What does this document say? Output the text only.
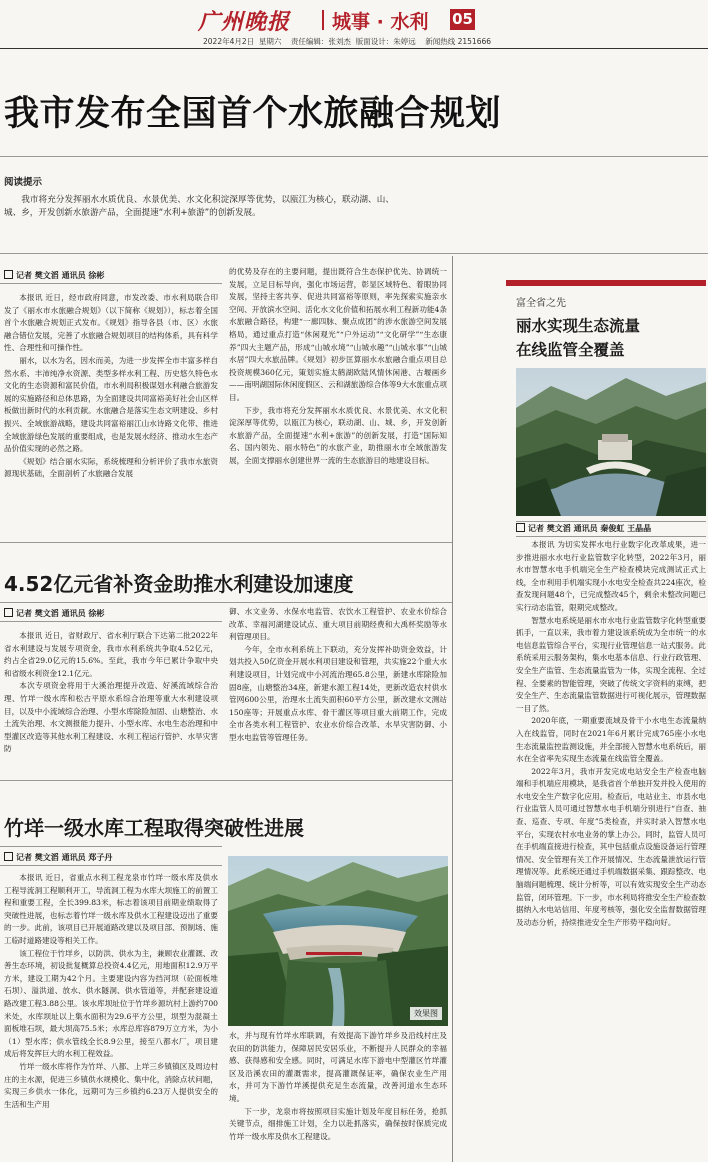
广州晚报 城事 · 水利 05
2022年4月2日  星期六    责任编辑：张刘杰  版面设计：朱婷远    新闻热线 2151666
我市发布全国首个水旅融合规划
阅读提示

我市将充分发挥丽水水质优良、水景优美、水文化积淀深厚等优势，以瓯江为核心，联动湖、山、城、乡，开发创新水旅游产品，全面提速“水利+旅游”的创新发展。

记者 樊文滔 通讯员 徐彬

本报讯 近日，经市政府同意，市发改委、市水利局联合印发了《丽水市水旅融合规划》（以下简称《规划》），标志着全国首个水旅融合规划正式发布。《规划》指导各县（市、区）水旅融合错位发展，完善了水旅融合规划项目的结构体系，具有科学性、合理性和可操作性。

丽水，以水为名，因水而美，为进一步发挥全市丰富多样自然水系、丰沛纯净水资源、类型多样水利工程、历史悠久特色水文化的生态资源和富民价值，市水利局积极谋划水利融合旅游发展的实施路径和总体思路，为全面建设共同富裕美好社会山区样板做出新时代的水利贡献。水旅融合是落实生态文明建设、乡村振兴、全域旅游战略，建设共同富裕丽江山水诗路文化带、推进全域旅游绿色发展的重要组成，也是发展水经济、推动水生态产品价值实现的必然之路。

《规划》结合丽水实际，系统梳理和分析评价了我市水旅资源现状基础，全面剖析了水旅融合发展

的优势及存在的主要问题，提出既符合生态保护优先、协调统一发展，立足目标导向，强化市场运营，彰显区域特色、着眼协同发展，坚持主客共享、促进共同富裕等原则，率先探索实施亲水空间、开放滨水空间、活化水文化价值和拓展水利工程新功能4条水旅融合路径，构建“一廊四脉、聚点成团”的涉水旅游空间发展格局，通过重点打造“休闲观光”“户外运动”“文化研学”“生态康养”四大主题产品，形成“山城水境”“山城水趣”“山城水事”“山城水居”四大水旅品牌。《规划》初步匡算丽水水旅融合重点项目总投资规模360亿元，策划实施太鹤湖欧陆风情休闲港、古堰画乡——南明湖国际休闲度假区、云和湖旅游综合体等9大水旅重点项目。

下步，我市将充分发挥丽水水质优良、水景优美、水文化积淀深厚等优势，以瓯江为核心，联动湖、山、城、乡，开发创新水旅游产品，全面提速“水利+旅游”的创新发展，打造“国际知名、国内领先、丽水特色”的水旅产业，助推丽水市全域旅游发展，全面支撑丽水创建世界一流的生态旅游目的地建设目标。

富全省之先
丽水实现生态流量
在线监管全覆盖
记者 樊文滔 通讯员 秦俊虹 王晶晶

本报讯 为切实发挥水电行业数字化改革成果，进一步推进丽水水电行业监管数字化转型，2022年3月，丽水市智慧水电手机端完全生产检查模块完成测试正式上线，全市利用手机端实现小水电安全检查共224座次，检查发现问题48个，已完成整改45个，剩余未整改问题已实行动态监管，限期完成整改。

智慧水电系统是丽水市水电行业监管数字化转型重要抓手，一直以来，我市着力建设该系统成为全市统一的水电信息监管综合平台，实现行业管理信息一站式服务。此系统采用云服务架构，集水电基本信息、行业行政管理、安全生产监管、生态流量监管为一体，实现全流程、全过程、全要素的智能管理，突破了传统文字资料的束缚，把安全生产、生态流量监管数据进行可视化展示，管理数据一目了然。

2020年底，一期重要流域及骨干小水电生态流量纳入在线监管，同时在2021年6月累计完成765座小水电生态流量监控监测设施，并全部接入智慧水电系统后，丽水在全省率先实现生态流量在线监管全覆盖。

2022年3月，我市开发完成电站安全生产检查电脑端和手机端应用模块，是我省首个单独开发并投入使用的水电安全生产数字化应用。检查后，电站业主、市县水电行业监管人员可通过智慧水电手机端分别进行“自查、抽查、巡查、专项、年度”5类检查，并实时录入智慧水电平台，实现农村水电业务的掌上办公。同时，监管人员可在手机端直接进行检查，其中包括重点设施设备运行管理情况、安全管理有关工作开展情况、生态流量泄放运行管理情况等。此系统还通过手机端数据采集、跟踪整改、电脑端问题梳理、统计分析等，可以有效实现安全生产动态监管，闭环管理。下一步，市水利局将推安全生产检查数据纳入水电站信用、年度考核等，强化安全监督数据管理及动态分析，持续推进安全生产形势平稳向好。

4.52亿元省补资金助推水利建设加速度
记者 樊文滔 通讯员 徐彬

本报讯 近日，省财政厅、省水利厅联合下达第二批2022年省水利建设与发展专项资金，我市水利系统共争取4.52亿元，约占全省29.0亿元的15.6%。至此，我市今年已累计争取中央和省级水利资金12.1亿元。

本次专项资金将用于大溪治理提升改造、好溪流域综合治理、竹垟一级水库和松古平原水系综合治理等重大水利建设项目，以及中小流域综合治理、小型水库除险加固、山塘整治、水土流失治理、水文测报能力提升、小型水库、水电生态治理和中型灌区改造等其他水利工程建设、水利工程运行管护、水旱灾害防

御、水文业务、水保水电监管、农饮水工程管护、农业水价综合改革、幸福河湖建设试点、重大项目前期经费和大禹杯奖励等水利管理项目。

今年，全市水利系统上下联动，充分发挥补助资金效益，计划共投入50亿资金开展水利项目建设和管理，共实施22个重大水利建设项目，计划完成中小河流治理65.8公里，新建水库除险加固8座，山塘整治34座，新建水源工程14处，更新改造农村供水管网600公里，治理水土流失面积60平方公里，新改建水文测站150座等；开展重点水库、骨干灌区等项目重大前期工作，完成全市各类水利工程管护、农业水价综合改革、水旱灾害防御、小型水电监管等管理任务。

竹垟一级水库工程取得突破性进展
记者 樊文滔 通讯员 郑子丹

本报讯 近日，省重点水利工程龙泉市竹垟一级水库及供水工程导流洞工程顺利开工，导流洞工程为水库大坝施工的前置工程和重要工程，全长399.83米，标志着该项目前期业绩取得了突破性进展，也标志着竹垟一级水库及供水工程建设迈出了重要的一步。此前，该项目已开展道路改建以及项目部、预制场、施工临时道路建设等相关工作。

该工程位于竹垟乡，以防洪、供水为主，兼顾农业灌溉、改善生态环境，初设批复概算总投资4.4亿元，用地面积12.9万平方米，建设工期为42个月。主要建设内容为挡河坝（砼面板堆石坝）、溢洪道、放水、供水隧洞、供水管道等，并配套建设道路改建工程3.88公里。该水库坝址位于竹垟乡源坑村上游约700米处，水库坝址以上集水面积为29.6平方公里，坝型为混凝土面板堆石坝，最大坝高75.5米；水库总库容879万立方米，为小（1）型水库；供水管线全长8.9公里，接至八都水厂，项目建成后将发挥巨大的水利工程效益。

竹垟一级水库将作为竹垟、八都、上垟三乡镇镇区及周边村庄的主水源，促进三乡镇供水规模化、集中化，消除点状问题，实现三乡供水一体化，远期可为三乡镇约6.23万人提供安全的生活和生产用

效果图

水，并与现有竹垟水库联调，有效提高下游竹垟乡及沿线村庄及农田的防洪能力，保障居民安居乐业，不断提升人民群众的幸福感、获得感和安全感。同时，可满足水库下游电中型灌区竹垟灌区及沿溪农田的灌溉需求，提高灌溉保证率，确保农业生产用水，并可为下游竹垟溪提供充足生态流量，改善河道水生态环境。

下一步，龙泉市将按照项目实施计划及年度目标任务，抢抓关键节点，细排施工计划，全力以赴抓落实，确保按时保质完成竹垟一级水库及供水工程建设。
